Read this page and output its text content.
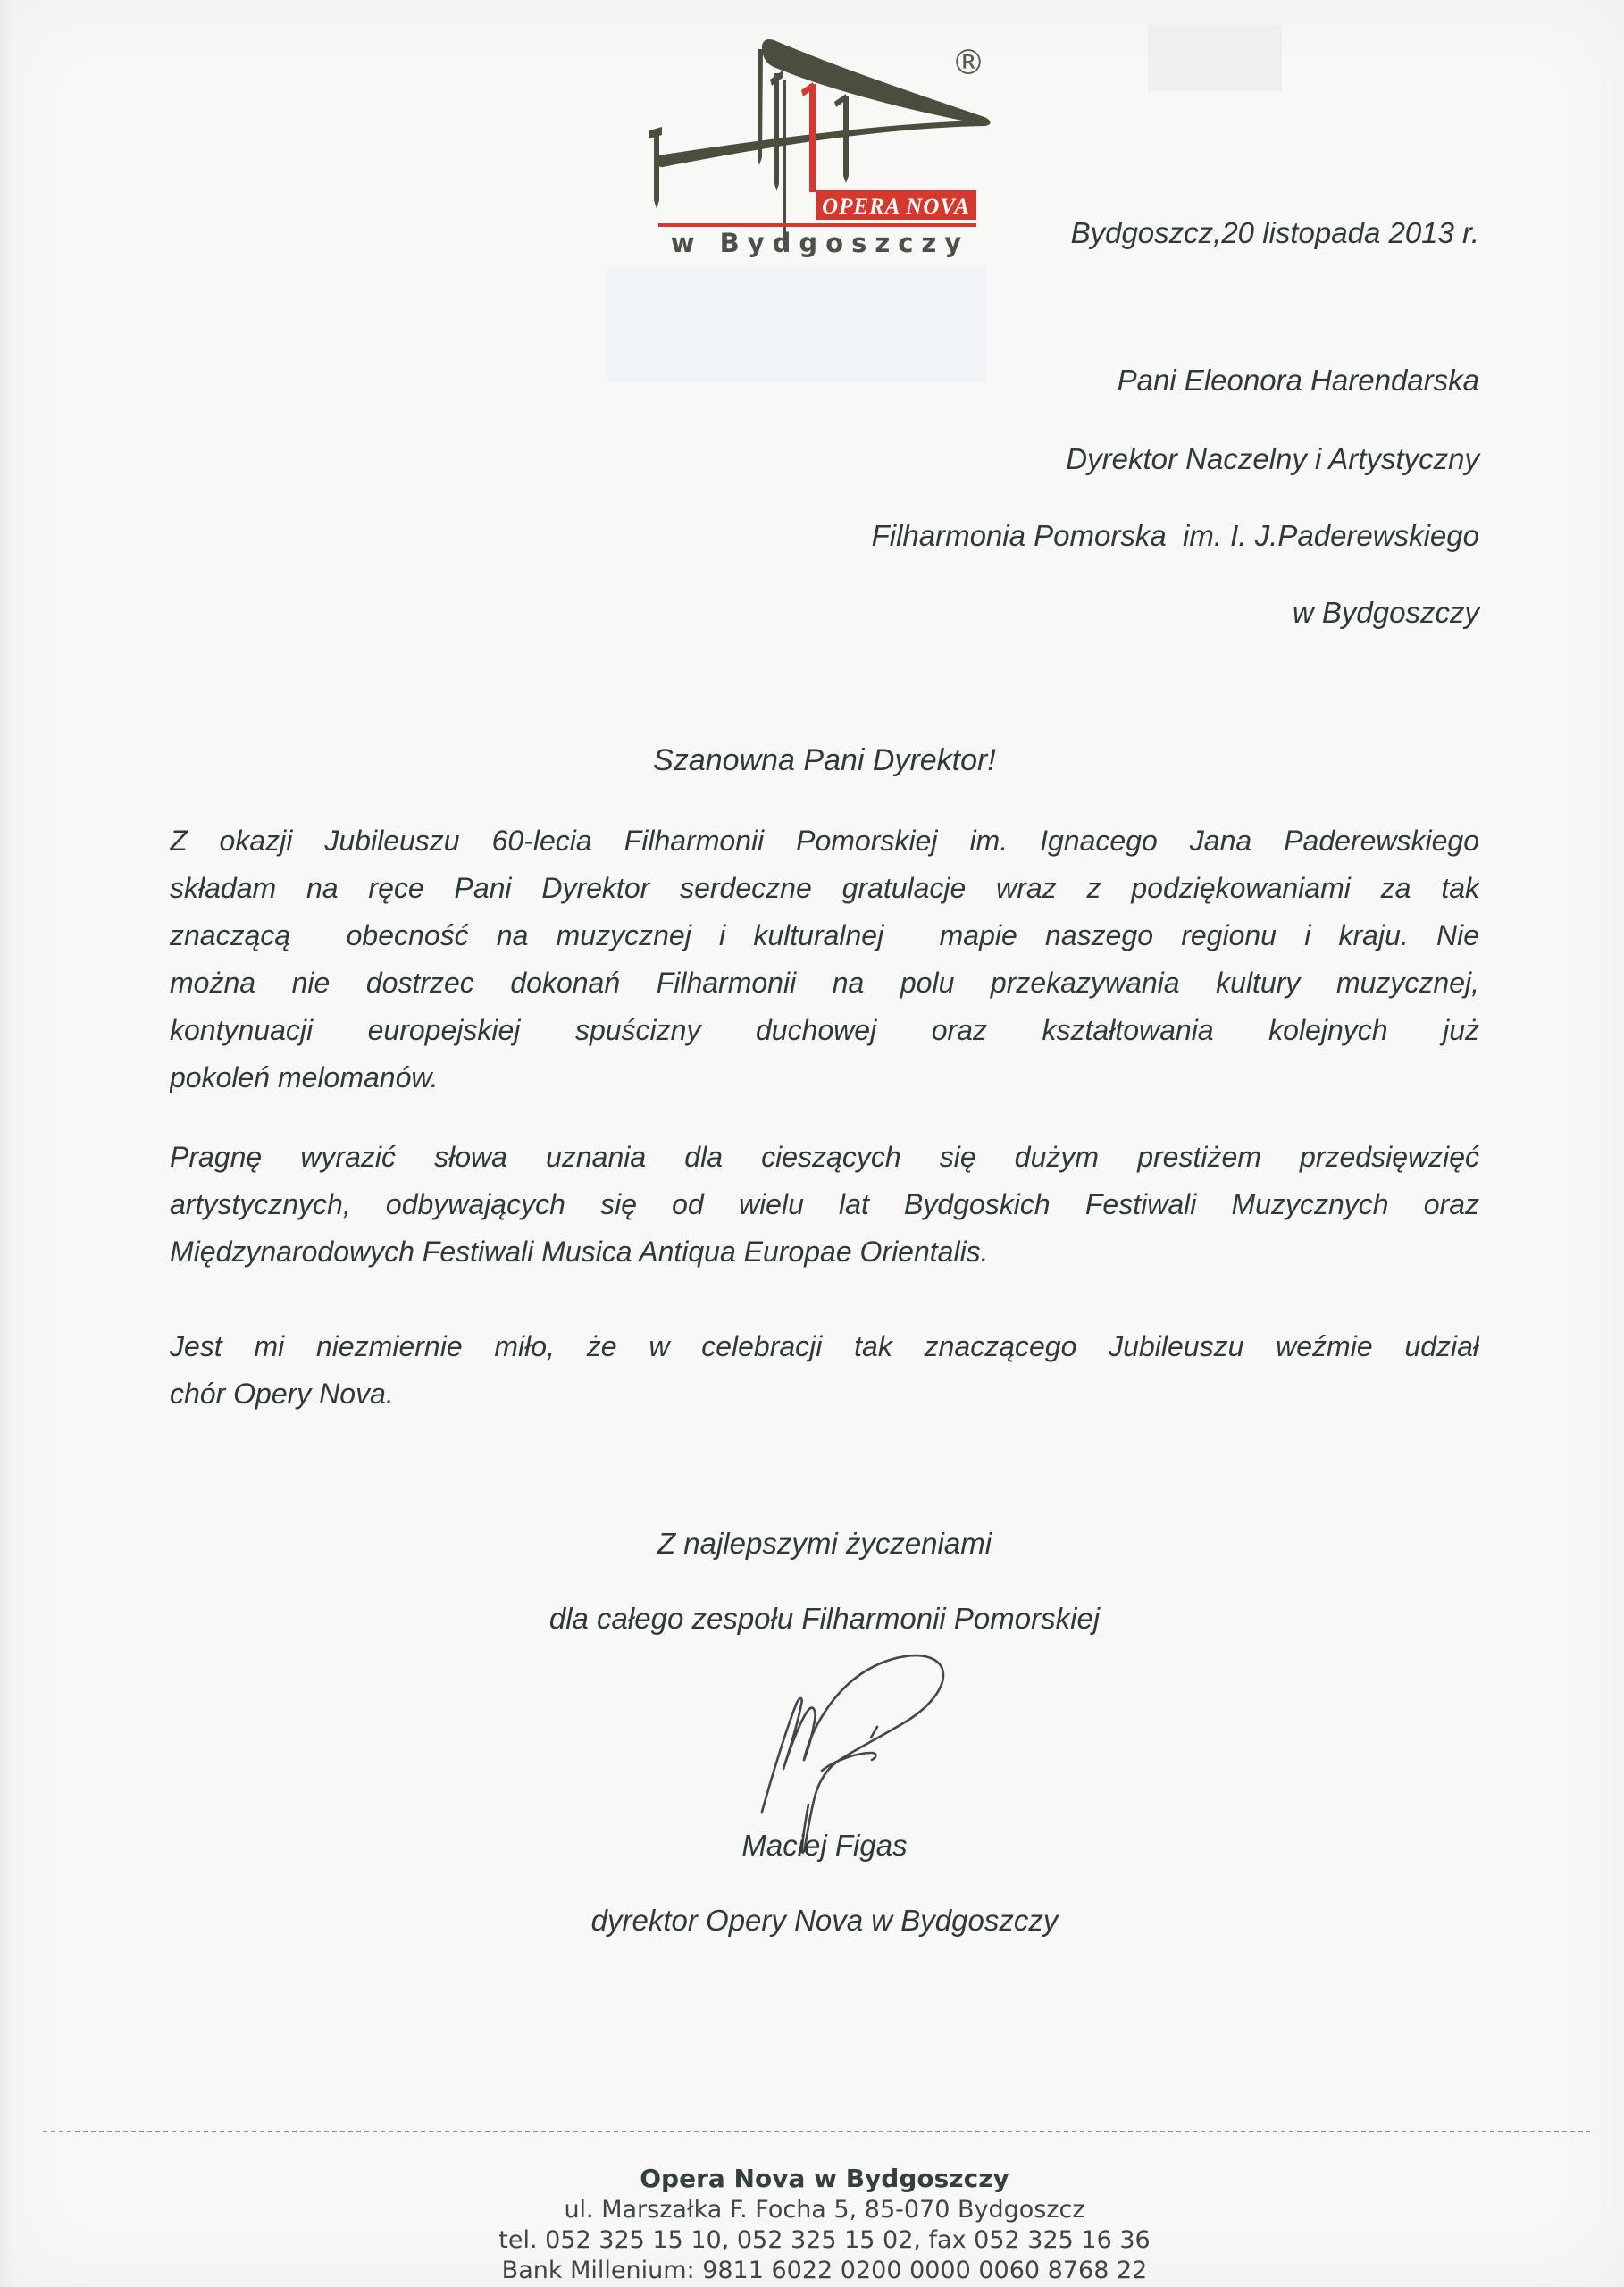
OPERA NOVA
w Bydgoszczy
®
Bydgoszcz,20 listopada 2013 r.
Pani Eleonora Harendarska
Dyrektor Naczelny i Artystyczny
Filharmonia Pomorska  im. I. J.Paderewskiego
w Bydgoszczy
Szanowna Pani Dyrektor!
Z okazji Jubileuszu 60-lecia Filharmonii Pomorskiej im. Ignacego Jana Paderewskiego
składam na ręce Pani Dyrektor serdeczne gratulacje wraz z podziękowaniami za tak
znaczącą  obecność na muzycznej i kulturalnej  mapie naszego regionu i kraju. Nie
można nie dostrzec dokonań Filharmonii na polu przekazywania kultury muzycznej,
kontynuacji europejskiej spuścizny duchowej oraz kształtowania kolejnych już
pokoleń melomanów.
Pragnę wyrazić słowa uznania dla cieszących się dużym prestiżem przedsięwzięć
artystycznych, odbywających się od wielu lat Bydgoskich Festiwali Muzycznych oraz
Międzynarodowych Festiwali Musica Antiqua Europae Orientalis.
Jest mi niezmiernie miło, że w celebracji tak znaczącego Jubileuszu weźmie udział
chór Opery Nova.
Z najlepszymi życzeniami
dla całego zespołu Filharmonii Pomorskiej
Maciej Figas
dyrektor Opery Nova w Bydgoszczy
Opera Nova w Bydgoszczy
ul. Marszałka F. Focha 5, 85-070 Bydgoszcz
tel. 052 325 15 10, 052 325 15 02, fax 052 325 16 36
Bank Millenium: 9811 6022 0200 0000 0060 8768 22
